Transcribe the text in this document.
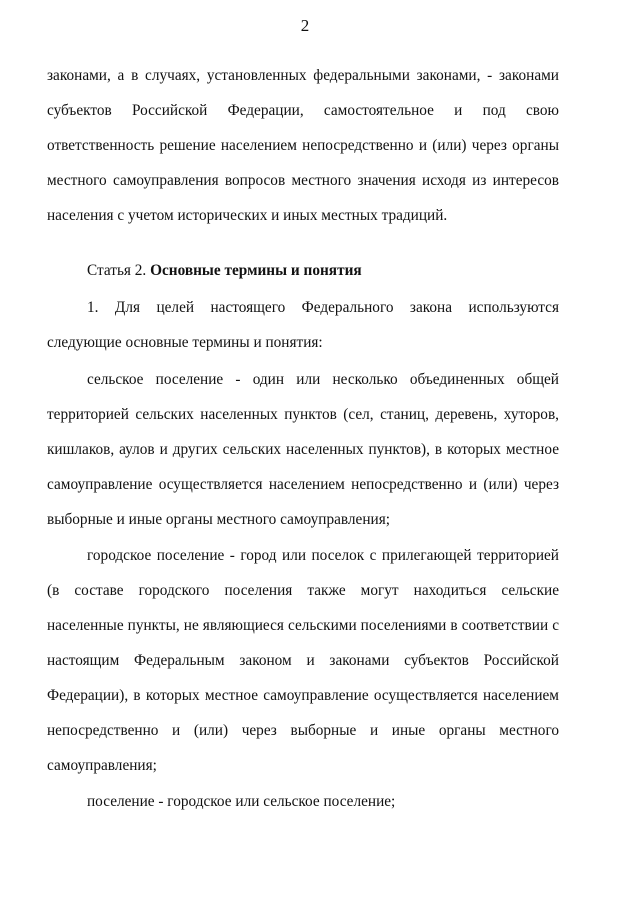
2
законами, а в случаях, установленных федеральными законами, - законами
субъектов Российской Федерации, самостоятельное и под свою
ответственность решение населением непосредственно и (или) через органы
местного самоуправления вопросов местного значения исходя из интересов
населения с учетом исторических и иных местных традиций.
Статья 2. Основные термины и понятия
1. Для целей настоящего Федерального закона используются
следующие основные термины и понятия:
сельское поселение - один или несколько объединенных общей
территорией сельских населенных пунктов (сел, станиц, деревень, хуторов,
кишлаков, аулов и других сельских населенных пунктов), в которых местное
самоуправление осуществляется населением непосредственно и (или) через
выборные и иные органы местного самоуправления;
городское поселение - город или поселок с прилегающей территорией
(в составе городского поселения также могут находиться сельские
населенные пункты, не являющиеся сельскими поселениями в соответствии с
настоящим Федеральным законом и законами субъектов Российской
Федерации), в которых местное самоуправление осуществляется населением
непосредственно и (или) через выборные и иные органы местного
самоуправления;
поселение - городское или сельское поселение;
